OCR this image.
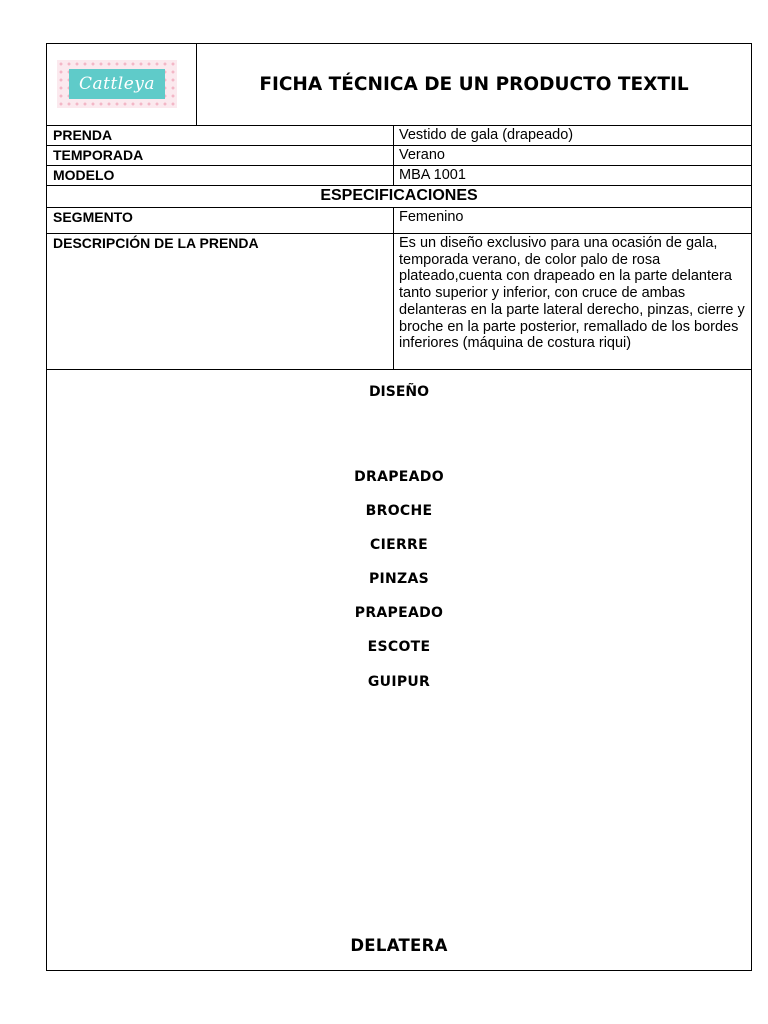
Cattleya	FICHA TÉCNICA DE UN PRODUCTO TEXTIL
PRENDA	Vestido de gala (drapeado)
TEMPORADA	Verano
MODELO	MBA 1001
ESPECIFICACIONES
SEGMENTO	Femenino
DESCRIPCIÓN DE LA PRENDA	Es un diseño exclusivo para una ocasión de gala, temporada verano, de color palo de rosa plateado,cuenta con drapeado en la parte delantera tanto superior y inferior, con cruce de ambas delanteras en la parte lateral derecho, pinzas, cierre y broche en la parte posterior, remallado de los bordes inferiores (máquina de costura riqui)
DISEÑO
DRAPEADO
BROCHE
CIERRE
PINZAS
PRAPEADO
ESCOTE
GUIPUR
DELATERA
